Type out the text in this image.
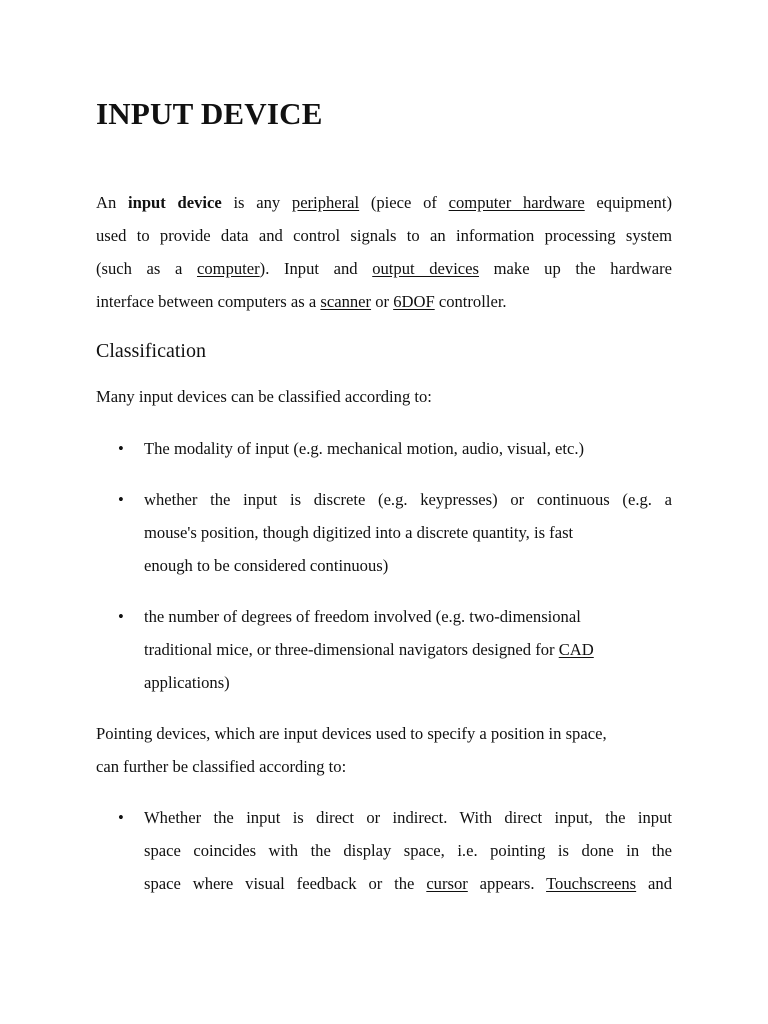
INPUT DEVICE
An input device is any peripheral (piece of computer hardware equipment)
used to provide data and control signals to an information processing system
(such as a computer). Input and output devices make up the hardware
interface between computers as a scanner or 6DOF controller.
Classification

Many input devices can be classified according to:

• The modality of input (e.g. mechanical motion, audio, visual, etc.)
• whether the input is discrete (e.g. keypresses) or continuous (e.g. a
mouse's position, though digitized into a discrete quantity, is fast
enough to be considered continuous)
• the number of degrees of freedom involved (e.g. two-dimensional
traditional mice, or three-dimensional navigators designed for CAD
applications)
Pointing devices, which are input devices used to specify a position in space,
can further be classified according to:
• Whether the input is direct or indirect. With direct input, the input
space coincides with the display space, i.e. pointing is done in the
space where visual feedback or the cursor appears. Touchscreens and
